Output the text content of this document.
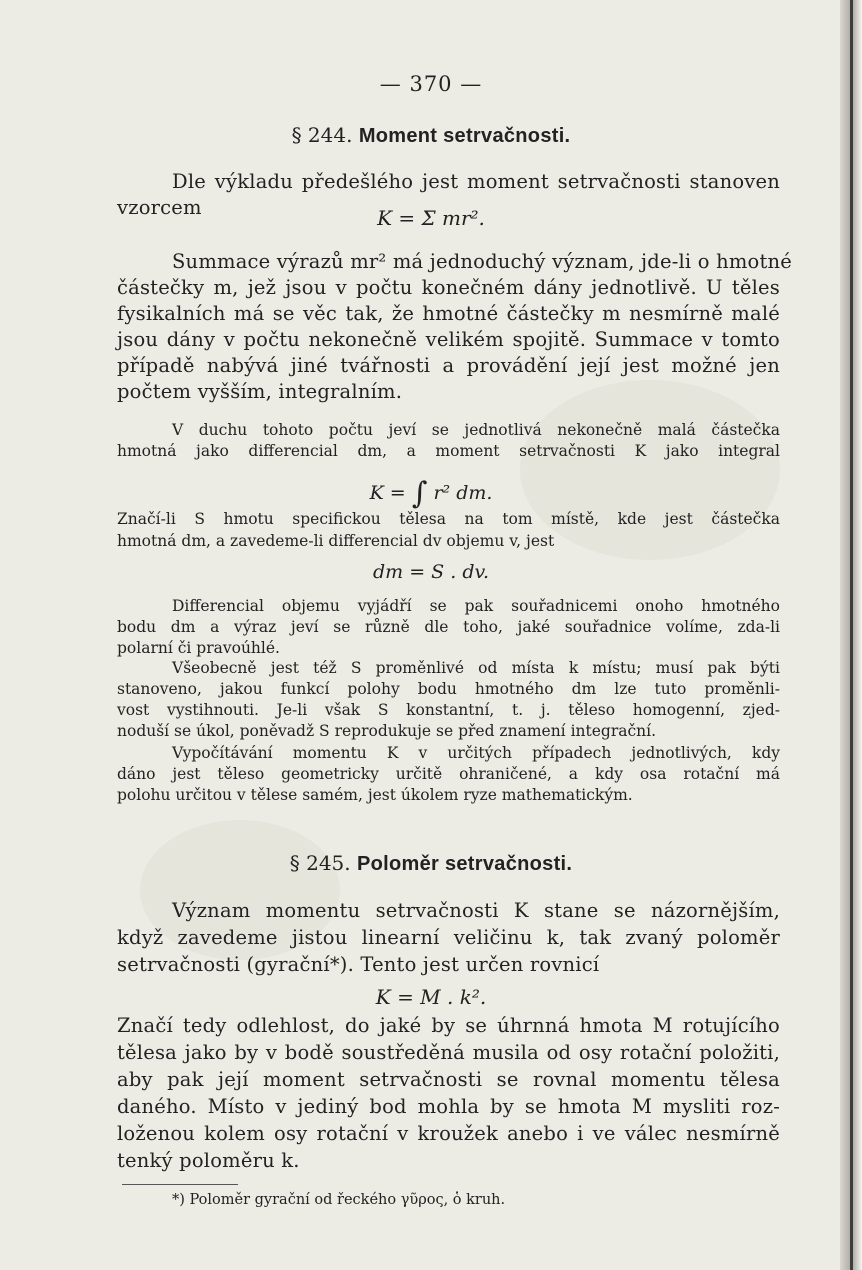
— 370 —
§ 244. Moment setrvačnosti.
Dle výkladu předešlého jest moment setrvačnosti stanoven
vzorcem	K = Σ mr².
Summace výrazů mr² má jednoduchý význam, jde-li o hmotné
částečky m, jež jsou v počtu konečném dány jednotlivě. U těles
fysikalních má se věc tak, že hmotné částečky m nesmírně malé
jsou dány v počtu nekonečně velikém spojitě. Summace v tomto
případě nabývá jiné tvářnosti a provádění její jest možné jen
počtem vyšším, integralním.
V duchu tohoto počtu jeví se jednotlivá nekonečně malá částečka
hmotná jako differencial dm, a moment setrvačnosti K jako integral
K = ∫ r² dm.
Značí-li S hmotu specifickou tělesa na tom místě, kde jest částečka
hmotná dm, a zavedeme-li differencial dv objemu v, jest
dm = S . dv.
Differencial objemu vyjádří se pak souřadnicemi onoho hmotného
bodu dm a výraz jeví se různě dle toho, jaké souřadnice volíme, zda-li
polarní či pravoúhlé.
Všeobecně jest též S proměnlivé od místa k místu; musí pak býti
stanoveno, jakou funkcí polohy bodu hmotného dm lze tuto proměnli-
vost vystihnouti. Je-li však S konstantní, t. j. těleso homogenní, zjed-
noduší se úkol, poněvadž S reprodukuje se před znamení integrační.
Vypočítávání momentu K v určitých případech jednotlivých, kdy
dáno jest těleso geometricky určitě ohraničené, a kdy osa rotační má
polohu určitou v tělese samém, jest úkolem ryze mathematickým.
§ 245. Poloměr setrvačnosti.
Význam momentu setrvačnosti K stane se názornějším,
když zavedeme jistou linearní veličinu k, tak zvaný poloměr
setrvačnosti (gyrační*). Tento jest určen rovnicí
K = M . k².
Značí tedy odlehlost, do jaké by se úhrnná hmota M rotujícího
tělesa jako by v bodě soustředěná musila od osy rotační položiti,
aby pak její moment setrvačnosti se rovnal momentu tělesa
daného. Místo v jediný bod mohla by se hmota M mysliti roz-
loženou kolem osy rotační v kroužek anebo i ve válec nesmírně
tenký poloměru k.
*) Poloměr gyrační od řeckého γῦρος, ὁ kruh.
